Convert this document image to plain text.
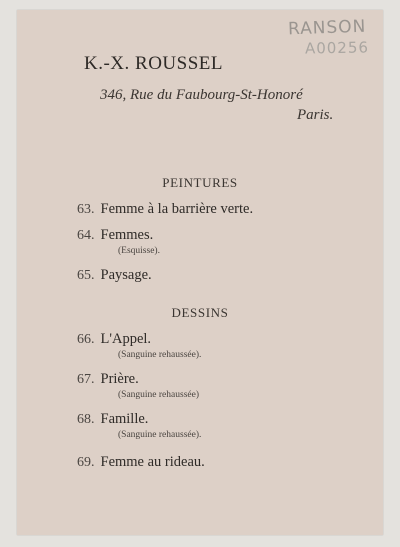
RANSON
A00256
K.-X. ROUSSEL
346, Rue du Faubourg-St-Honoré
Paris.
PEINTURES
63. Femme à la barrière verte.
64. Femmes.
(Esquisse).
65. Paysage.
DESSINS
66. L'Appel.
(Sanguine rehaussée).
67. Prière.
(Sanguine rehaussée)
68. Famille.
(Sanguine rehaussée).
69. Femme au rideau.
